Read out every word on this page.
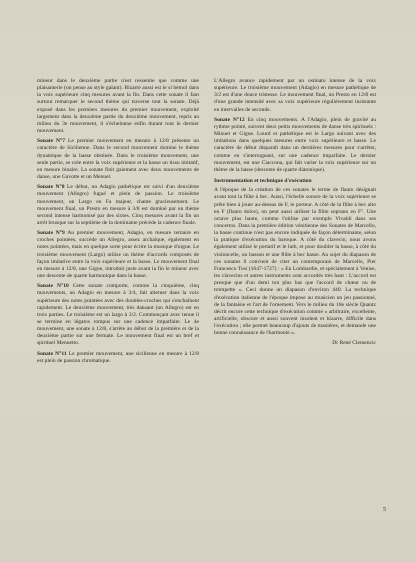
mineur dans le deuxième partie n'est ressentie que comme une plaisanterie (on pense au style galant). Bizarre aussi est le si bémol dans la voix supérieure cinq mesures avant la fin. Dans cette sonate il faut surtout remarquer le second thème qui traverse tout la sonate. Déjà exposé dans les premiers mesures du premier mouvement, exploité largement dans la deuxième partie du deuxième mouvement, repris au milieu du 3e mouvement, il s'échelonne enfin durant tout le dernier mouvement.

Sonate N°7 Le premier mouvement en mesure à 12/8 présente un caractère de Sicilienne. Dans le second mouvement domine le thème dynamique de la basse obstinée. Dans le troisième mouvement, une seule partie, se crée entre la voix supérieure et la basse un tissu imitatif, en mesure binaire. La sonate finit gaiement avec deux mouvements de danse, une Gavotte et un Menuet.

Sonate N°8 Le début, un Adagio pathétique est suivi d'un deuxième mouvement (Allegro) fugué et plein de passion. Le troisième mouvement, un Largo en Fa majeur, chante gracieusement. Le mouvement final, un Presto en mesure à 3/8 est dominé par un thème second intense harmonisé par des sixtes. Cinq mesures avant la fin un arrêt brusque sur la septième de la dominante précède la cadence finale.

Sonate N°9 Au premier mouvement, Adagio, en mesure ternaire en croches pointées, succède un Allegro, assez archaïque, également en notes pointées, mais en quelque sorte pour écrire la musique d'orgue. Le troisième mouvement (Largo) utilise un thème d'accords composés de façon imitative entre la voix supérieure et la basse. Le mouvement final en mesure à 12/8, une Gigue, introduit juste avant la fin le mineur avec une descente de quarte harmonique dans la basse.

Sonate N°10 Cette sonate comporte, comme la cinquième, cinq mouvements, un Adagio en mesure à 3/4, fait alterner dans la voix supérieure des notes pointées avec des doubles-croches qui s'enchaînent rapidement. Le deuxième mouvement, très dansant (un Allegro) est en trois parties. Le troisième est un largo à 3/2. Commençant avec tenue il se termine en légatos rompus sur une cadence imparfaite. Le 4e mouvement, une sonate à 12/8, s'arrête au début de la première et de la deuxième partie sur une fermate. Le mouvement final est un bref et spirituel Menuetto.

Sonate N°11 Le premier mouvement, une sicilienne en mesure à 12/8 est plein de passion chromatique.

L'Allegro avance rapidement par un ostinato intense de la voix supérieure. Le troisième mouvement (Adagio) en mesure pathétique de 3/2 est d'une douce tristesse. Le mouvement final, un Presto en 12/8 est d'une grande intensité avec sa voix supérieure régulièrement insistante en intervalles de seconde.

Sonate N°12 En cinq mouvements. A l'Adagio, plein de gravité au rythme pointé, suivent deux petits mouvements de danse très spirituels : Minuet et Gigue. Lourd et pathétique est le Largo suivant avec des imitations dans quelques mesures entre voix supérieure et basse. Le caractère de début disparaît dans un dernières mesures pour s'arrêter, comme en s'interrogeant, sur une cadence imparfaite. Le dernier mouvement, est une Ciaccona, qui fait varier la voix supérieure sur un thème de la basse (descente de quarte diatonique).

Instrumentation et technique d'exécution

A l'époque de la création de ces sonates le terme de flauto désignait avant tout la flûte à bec. Aussi, l'échelle sonore de la voix supérieure se prête bien à jouer au-dessus de F, le porteur. A côté de la flûte à bec alto en F (flauto dolce), on peut aussi utiliser la flûte soprano en F''. Une octave plus haute, comme l'utilise par exemple Vivaldi dans ses concertos. Dans la première édition vénitienne des Sonates de Marcello, la basse continue n'est pas encore indiquée de façon déterminante, selon la pratique d'exécution du baroque. A côté du clavecin, nous avons également utilisé le portatif et le luth, et pour doubler la basse, à côté du violoncelle, un basson et une flûte à bec basse. Au sujet du diapason de ces sonates il convient de citer un contemporain de Marcello, Pier Francesco Tosi (1647-1727) : « En Lombardie, et spécialement à Venise, les clavecins et autres instruments sont accordés très haut : L'accord est presque que d'un demi ton plus bas que l'accord de chœur ou de trompette ». Ceci donne un diapason d'environ 440. La technique d'exécution italienne de l'époque impose au musicien un jeu passionné, de la fantaisie et l'art de l'ornement. Vers le milieu du 18e siècle Quantz décrit encore cette technique d'exécution comme « arbitraire, excellente, artificielle, obscure et aussi souvent insolent et bizarre, difficile dans l'exécution ; elle permet beaucoup d'ajouts de manières, et demande une bonne connaissance de l'harmonie ».

Dr René Clemencic

5
